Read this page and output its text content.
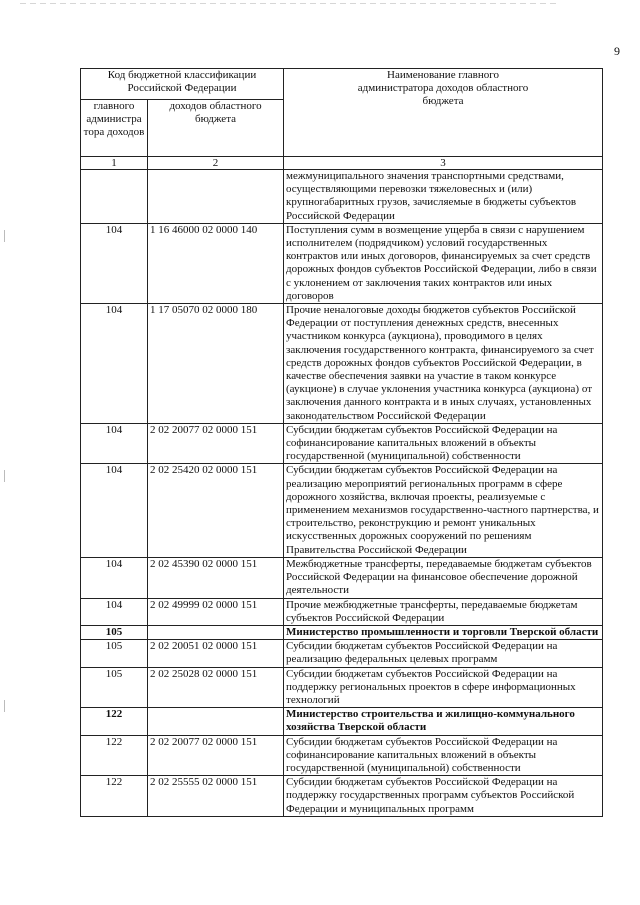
9
Код бюджетной классификации Российской Федерации		Наименование главного администратора доходов областного бюджета
главного администра тора доходов	доходов областного бюджета	
1	2	3
		межмуниципального значения транспортными средствами, осуществляющими перевозки тяжеловесных и (или) крупногабаритных грузов, зачисляемые в бюджеты субъектов Российской Федерации
104	1 16 46000 02 0000 140	Поступления сумм в возмещение ущерба в связи с нарушением исполнителем (подрядчиком) условий государственных контрактов или иных договоров, финансируемых за счет средств дорожных фондов субъектов Российской Федерации, либо в связи с уклонением от заключения таких контрактов или иных договоров
104	1 17 05070 02 0000 180	Прочие неналоговые доходы бюджетов субъектов Российской Федерации от поступления денежных средств, внесенных участником конкурса (аукциона), проводимого в целях заключения государственного контракта, финансируемого за счет средств дорожных фондов субъектов Российской Федерации, в качестве обеспечения заявки на участие в таком конкурсе (аукционе) в случае уклонения участника конкурса (аукциона) от заключения данного контракта и в иных случаях, установленных законодательством Российской Федерации
104	2 02 20077 02 0000 151	Субсидии бюджетам субъектов Российской Федерации на софинансирование капитальных вложений в объекты государственной (муниципальной) собственности
104	2 02 25420 02 0000 151	Субсидии бюджетам субъектов Российской Федерации на реализацию мероприятий региональных программ в сфере дорожного хозяйства, включая проекты, реализуемые с применением механизмов государственно-частного партнерства, и строительство, реконструкцию и ремонт уникальных искусственных дорожных сооружений по решениям Правительства Российской Федерации
104	2 02 45390 02 0000 151	Межбюджетные трансферты, передаваемые бюджетам субъектов Российской Федерации на финансовое обеспечение дорожной деятельности
104	2 02 49999 02 0000 151	Прочие межбюджетные трансферты, передаваемые бюджетам субъектов Российской Федерации
105		Министерство промышленности и торговли Тверской области
105	2 02 20051 02 0000 151	Субсидии бюджетам субъектов Российской Федерации на реализацию федеральных целевых программ
105	2 02 25028 02 0000 151	Субсидии бюджетам субъектов Российской Федерации на поддержку региональных проектов в сфере информационных технологий
122		Министерство строительства и жилищно-коммунального хозяйства Тверской области
122	2 02 20077 02 0000 151	Субсидии бюджетам субъектов Российской Федерации на софинансирование капитальных вложений в объекты государственной (муниципальной) собственности
122	2 02 25555 02 0000 151	Субсидии бюджетам субъектов Российской Федерации на поддержку государственных программ субъектов Российской Федерации и муниципальных программ
